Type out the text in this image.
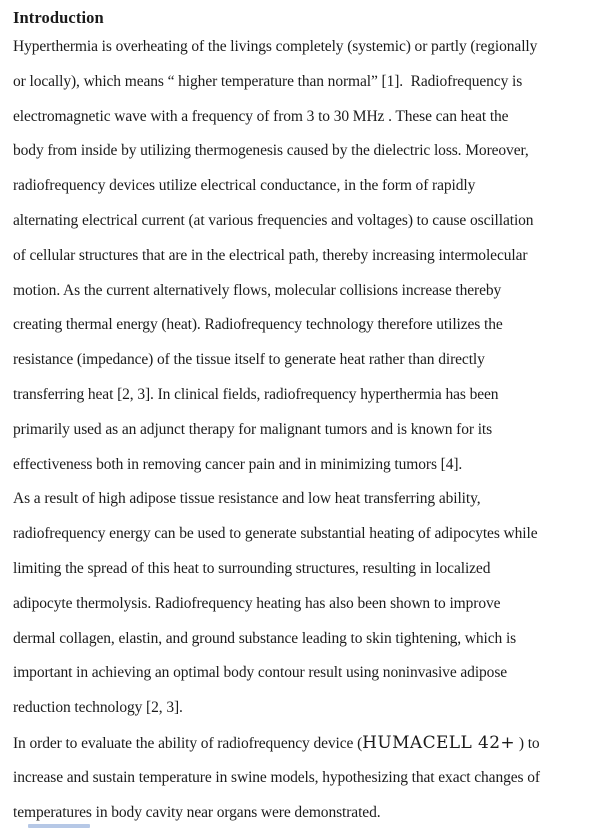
Introduction
Hyperthermia is overheating of the livings completely (systemic) or partly (regionally
or locally), which means “ higher temperature than normal” [1].  Radiofrequency is
electromagnetic wave with a frequency of from 3 to 30 MHz . These can heat the
body from inside by utilizing thermogenesis caused by the dielectric loss. Moreover,
radiofrequency devices utilize electrical conductance, in the form of rapidly
alternating electrical current (at various frequencies and voltages) to cause oscillation
of cellular structures that are in the electrical path, thereby increasing intermolecular
motion. As the current alternatively flows, molecular collisions increase thereby
creating thermal energy (heat). Radiofrequency technology therefore utilizes the
resistance (impedance) of the tissue itself to generate heat rather than directly
transferring heat [2, 3]. In clinical fields, radiofrequency hyperthermia has been
primarily used as an adjunct therapy for malignant tumors and is known for its
effectiveness both in removing cancer pain and in minimizing tumors [4].
As a result of high adipose tissue resistance and low heat transferring ability,
radiofrequency energy can be used to generate substantial heating of adipocytes while
limiting the spread of this heat to surrounding structures, resulting in localized
adipocyte thermolysis. Radiofrequency heating has also been shown to improve
dermal collagen, elastin, and ground substance leading to skin tightening, which is
important in achieving an optimal body contour result using noninvasive adipose
reduction technology [2, 3].
In order to evaluate the ability of radiofrequency device (HUMACELL 42+ ) to
increase and sustain temperature in swine models, hypothesizing that exact changes of
temperatures in body cavity near organs were demonstrated.
